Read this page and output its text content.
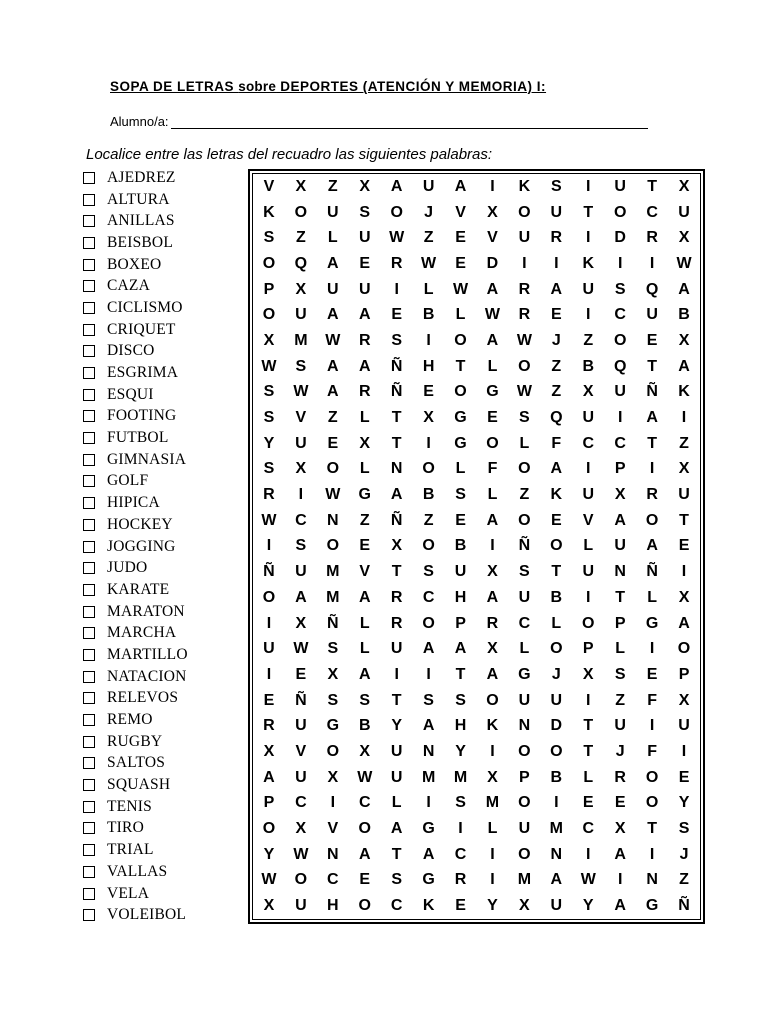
SOPA DE LETRAS sobre DEPORTES (ATENCIÓN Y MEMORIA) I:
Alumno/a:

Localice entre las letras del recuadro las siguientes palabras:

AJEDREZ
ALTURA
ANILLAS
BEISBOL
BOXEO
CAZA
CICLISMO
CRIQUET
DISCO
ESGRIMA
ESQUI
FOOTING
FUTBOL
GIMNASIA
GOLF
HIPICA
HOCKEY
JOGGING
JUDO
KARATE
MARATON
MARCHA
MARTILLO
NATACION
RELEVOS
REMO
RUGBY
SALTOS
SQUASH
TENIS
TIRO
TRIAL
VALLAS
VELA
VOLEIBOL
V	X	Z	X	A	U	A	I	K	S	I	U	T	X
K	O	U	S	O	J	V	X	O	U	T	O	C	U
S	Z	L	U	W	Z	E	V	U	R	I	D	R	X
O	Q	A	E	R	W	E	D	I	I	K	I	I	W
P	X	U	U	I	L	W	A	R	A	U	S	Q	A
O	U	A	A	E	B	L	W	R	E	I	C	U	B
X	M	W	R	S	I	O	A	W	J	Z	O	E	X
W	S	A	A	Ñ	H	T	L	O	Z	B	Q	T	A
S	W	A	R	Ñ	E	O	G	W	Z	X	U	Ñ	K
S	V	Z	L	T	X	G	E	S	Q	U	I	A	I
Y	U	E	X	T	I	G	O	L	F	C	C	T	Z
S	X	O	L	N	O	L	F	O	A	I	P	I	X
R	I	W	G	A	B	S	L	Z	K	U	X	R	U
W	C	N	Z	Ñ	Z	E	A	O	E	V	A	O	T
I	S	O	E	X	O	B	I	Ñ	O	L	U	A	E
Ñ	U	M	V	T	S	U	X	S	T	U	N	Ñ	I
O	A	M	A	R	C	H	A	U	B	I	T	L	X
I	X	Ñ	L	R	O	P	R	C	L	O	P	G	A
U	W	S	L	U	A	A	X	L	O	P	L	I	O
I	E	X	A	I	I	T	A	G	J	X	S	E	P
E	Ñ	S	S	T	S	S	O	U	U	I	Z	F	X
R	U	G	B	Y	A	H	K	N	D	T	U	I	U
X	V	O	X	U	N	Y	I	O	O	T	J	F	I
A	U	X	W	U	M	M	X	P	B	L	R	O	E
P	C	I	C	L	I	S	M	O	I	E	E	O	Y
O	X	V	O	A	G	I	L	U	M	C	X	T	S
Y	W	N	A	T	A	C	I	O	N	I	A	I	J
W	O	C	E	S	G	R	I	M	A	W	I	N	Z
X	U	H	O	C	K	E	Y	X	U	Y	A	G	Ñ
